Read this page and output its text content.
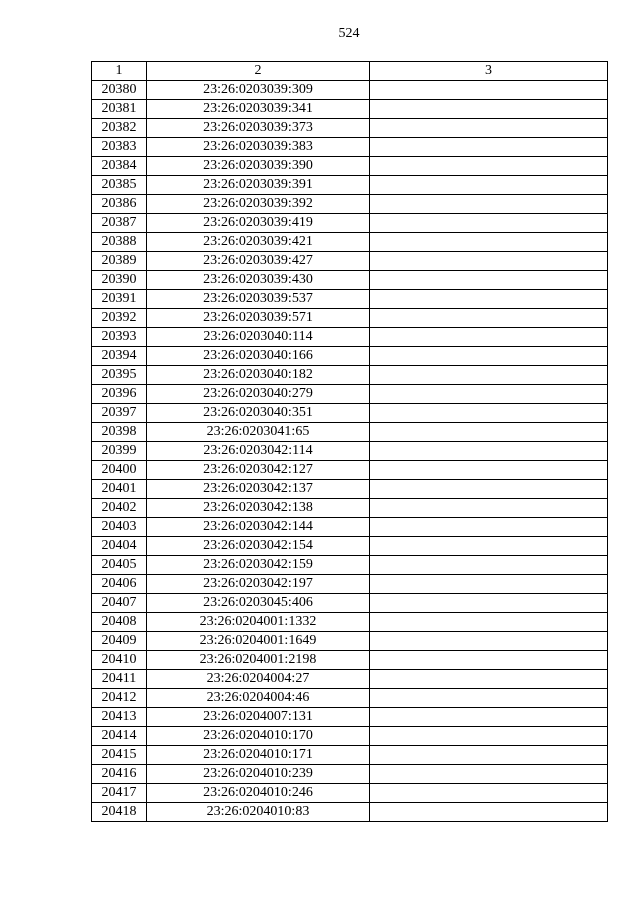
524
1	2	3
20380	23:26:0203039:309	
20381	23:26:0203039:341	
20382	23:26:0203039:373	
20383	23:26:0203039:383	
20384	23:26:0203039:390	
20385	23:26:0203039:391	
20386	23:26:0203039:392	
20387	23:26:0203039:419	
20388	23:26:0203039:421	
20389	23:26:0203039:427	
20390	23:26:0203039:430	
20391	23:26:0203039:537	
20392	23:26:0203039:571	
20393	23:26:0203040:114	
20394	23:26:0203040:166	
20395	23:26:0203040:182	
20396	23:26:0203040:279	
20397	23:26:0203040:351	
20398	23:26:0203041:65	
20399	23:26:0203042:114	
20400	23:26:0203042:127	
20401	23:26:0203042:137	
20402	23:26:0203042:138	
20403	23:26:0203042:144	
20404	23:26:0203042:154	
20405	23:26:0203042:159	
20406	23:26:0203042:197	
20407	23:26:0203045:406	
20408	23:26:0204001:1332	
20409	23:26:0204001:1649	
20410	23:26:0204001:2198	
20411	23:26:0204004:27	
20412	23:26:0204004:46	
20413	23:26:0204007:131	
20414	23:26:0204010:170	
20415	23:26:0204010:171	
20416	23:26:0204010:239	
20417	23:26:0204010:246	
20418	23:26:0204010:83	
